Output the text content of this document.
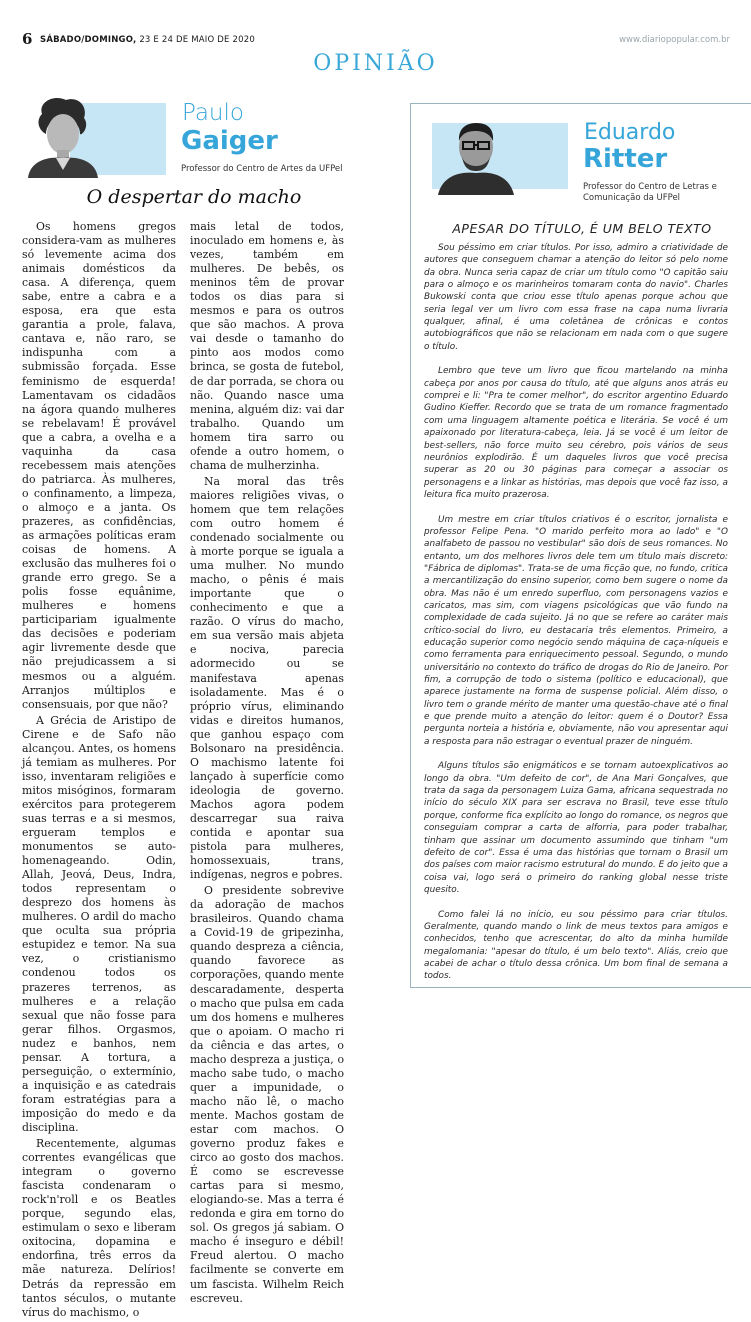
6 SÁBADO/DOMINGO, 23 E 24 DE MAIO DE 2020	www.diariopopular.com.br
OPINIÃO
Paulo
Gaiger
Professor do Centro de Artes da UFPel
O despertar do macho

Os homens gregos considera-vam as mulheres só levemente acima dos animais domésticos da casa. A diferença, quem sabe, entre a cabra e a esposa, era que esta garantia a prole, falava, cantava e, não raro, se indispunha com a submissão forçada. Esse feminismo de esquerda! Lamentavam os cidadãos na ágora quando mulheres se rebelavam! É provável que a cabra, a ovelha e a vaquinha da casa recebessem mais atenções do patriarca. Às mulheres, o confinamento, a limpeza, o almoço e a janta. Os prazeres, as confidências, as armações políticas eram coisas de homens. A exclusão das mulheres foi o grande erro grego. Se a polis fosse equânime, mulheres e homens participariam igualmente das decisões e poderiam agir livremente desde que não prejudicassem a si mesmos ou a alguém. Arranjos múltiplos e consensuais, por que não?

A Grécia de Aristipo de Cirene e de Safo não alcançou. Antes, os homens já temiam as mulheres. Por isso, inventaram religiões e mitos misóginos, formaram exércitos para protegerem suas terras e a si mesmos, ergueram templos e monumentos se auto-homenageando. Odin, Allah, Jeová, Deus, Indra, todos representam o desprezo dos homens às mulheres. O ardil do macho que oculta sua própria estupidez e temor. Na sua vez, o cristianismo condenou todos os prazeres terrenos, as mulheres e a relação sexual que não fosse para gerar filhos. Orgasmos, nudez e banhos, nem pensar. A tortura, a perseguição, o extermínio, a inquisição e as catedrais foram estratégias para a imposição do medo e da disciplina.

Recentemente, algumas correntes evangélicas que integram o governo fascista condenaram o rock'n'roll e os Beatles porque, segundo elas, estimulam o sexo e liberam oxitocina, dopamina e endorfina, três erros da mãe natureza. Delírios! Detrás da repressão em tantos séculos, o mutante vírus do machismo, o

mais letal de todos, inoculado em homens e, às vezes, também em mulheres. De bebês, os meninos têm de provar todos os dias para si mesmos e para os outros que são machos. A prova vai desde o tamanho do pinto aos modos como brinca, se gosta de futebol, de dar porrada, se chora ou não. Quando nasce uma menina, alguém diz: vai dar trabalho. Quando um homem tira sarro ou ofende a outro homem, o chama de mulherzinha.

Na moral das três maiores religiões vivas, o homem que tem relações com outro homem é condenado socialmente ou à morte porque se iguala a uma mulher. No mundo macho, o pênis é mais importante que o conhecimento e que a razão. O vírus do macho, em sua versão mais abjeta e nociva, parecia adormecido ou se manifestava apenas isoladamente. Mas é o próprio vírus, eliminando vidas e direitos humanos, que ganhou espaço com Bolsonaro na presidência. O machismo latente foi lançado à superfície como ideologia de governo. Machos agora podem descarregar sua raiva contida e apontar sua pistola para mulheres, homossexuais, trans, indígenas, negros e pobres.

O presidente sobrevive da adoração de machos brasileiros. Quando chama a Covid-19 de gripezinha, quando despreza a ciência, quando favorece as corporações, quando mente descaradamente, desperta o macho que pulsa em cada um dos homens e mulheres que o apoiam. O macho ri da ciência e das artes, o macho despreza a justiça, o macho sabe tudo, o macho quer a impunidade, o macho não lê, o macho mente. Machos gostam de estar com machos. O governo produz fakes e circo ao gosto dos machos. É como se escrevesse cartas para si mesmo, elogiando-se. Mas a terra é redonda e gira em torno do sol. Os gregos já sabiam. O macho é inseguro e débil! Freud alertou. O macho facilmente se converte em um fascista. Wilhelm Reich escreveu.

Eduardo
Ritter
Professor do Centro de Letras e Comunicação da UFPel
APESAR DO TÍTULO, É UM BELO TEXTO

Sou péssimo em criar títulos. Por isso, admiro a criatividade de autores que conseguem chamar a atenção do leitor só pelo nome da obra. Nunca seria capaz de criar um título como "O capitão saiu para o almoço e os marinheiros tomaram conta do navio". Charles Bukowski conta que criou esse título apenas porque achou que seria legal ver um livro com essa frase na capa numa livraria qualquer, afinal, é uma coletânea de crônicas e contos autobiográficos que não se relacionam em nada com o que sugere o título.

Lembro que teve um livro que ficou martelando na minha cabeça por anos por causa do título, até que alguns anos atrás eu comprei e li: "Pra te comer melhor", do escritor argentino Eduardo Gudino Kieffer. Recordo que se trata de um romance fragmentado com uma linguagem altamente poética e literária. Se você é um apaixonado por literatura-cabeça, leia. Já se você é um leitor de best-sellers, não force muito seu cérebro, pois vários de seus neurônios explodirão. É um daqueles livros que você precisa superar as 20 ou 30 páginas para começar a associar os personagens e a linkar as histórias, mas depois que você faz isso, a leitura fica muito prazerosa.

Um mestre em criar títulos criativos é o escritor, jornalista e professor Felipe Pena. "O marido perfeito mora ao lado" e "O analfabeto de passou no vestibular" são dois de seus romances. No entanto, um dos melhores livros dele tem um título mais discreto: "Fábrica de diplomas". Trata-se de uma ficção que, no fundo, critica a mercantilização do ensino superior, como bem sugere o nome da obra. Mas não é um enredo superfluo, com personagens vazios e caricatos, mas sim, com viagens psicológicas que vão fundo na complexidade de cada sujeito. Já no que se refere ao caráter mais crítico-social do livro, eu destacaria três elementos. Primeiro, a educação superior como negócio sendo máquina de caça-níqueis e como ferramenta para enriquecimento pessoal. Segundo, o mundo universitário no contexto do tráfico de drogas do Rio de Janeiro. Por fim, a corrupção de todo o sistema (político e educacional), que aparece justamente na forma de suspense policial. Além disso, o livro tem o grande mérito de manter uma questão-chave até o final e que prende muito a atenção do leitor: quem é o Doutor? Essa pergunta norteia a história e, obviamente, não vou apresentar aqui a resposta para não estragar o eventual prazer de ninguém.

Alguns títulos são enigmáticos e se tornam autoexplicativos ao longo da obra. "Um defeito de cor", de Ana Mari Gonçalves, que trata da saga da personagem Luiza Gama, africana sequestrada no início do século XIX para ser escrava no Brasil, teve esse título porque, conforme fica explícito ao longo do romance, os negros que conseguiam comprar a carta de alforria, para poder trabalhar, tinham que assinar um documento assumindo que tinham "um defeito de cor". Essa é uma das histórias que tornam o Brasil um dos países com maior racismo estrutural do mundo. E do jeito que a coisa vai, logo será o primeiro do ranking global nesse triste quesito.

Como falei lá no início, eu sou péssimo para criar títulos. Geralmente, quando mando o link de meus textos para amigos e conhecidos, tenho que acrescentar, do alto da minha humilde megalomania: "apesar do título, é um belo texto". Aliás, creio que acabei de achar o título dessa crônica. Um bom final de semana a todos.
